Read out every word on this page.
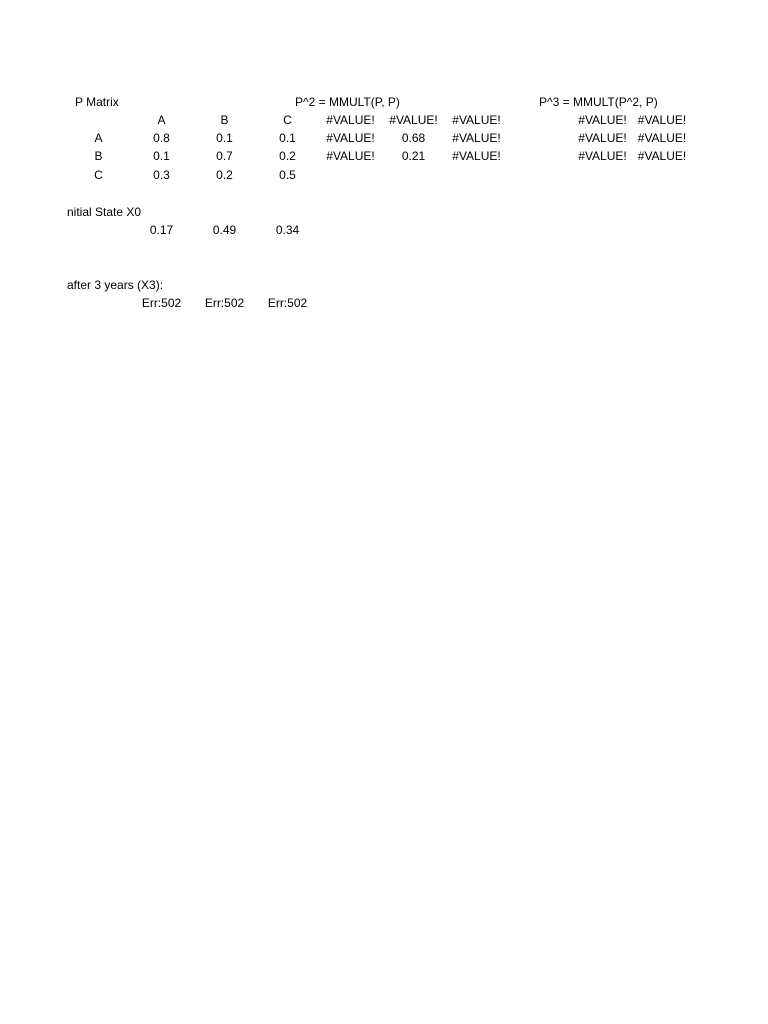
P Matrix
A	B	C
A	0.8	0.1	0.1
B	0.1	0.7	0.2
C	0.3	0.2	0.5
P^2 = MMULT(P, P)
#VALUE!	#VALUE!	#VALUE!
#VALUE!	0.68	#VALUE!
#VALUE!	0.21	#VALUE!
P^3 = MMULT(P^2, P)
#VALUE! #VALUE!
#VALUE! #VALUE!
#VALUE! #VALUE!
nitial State X0
0.17	0.49	0.34
after 3 years (X3):
Err:502	Err:502	Err:502
